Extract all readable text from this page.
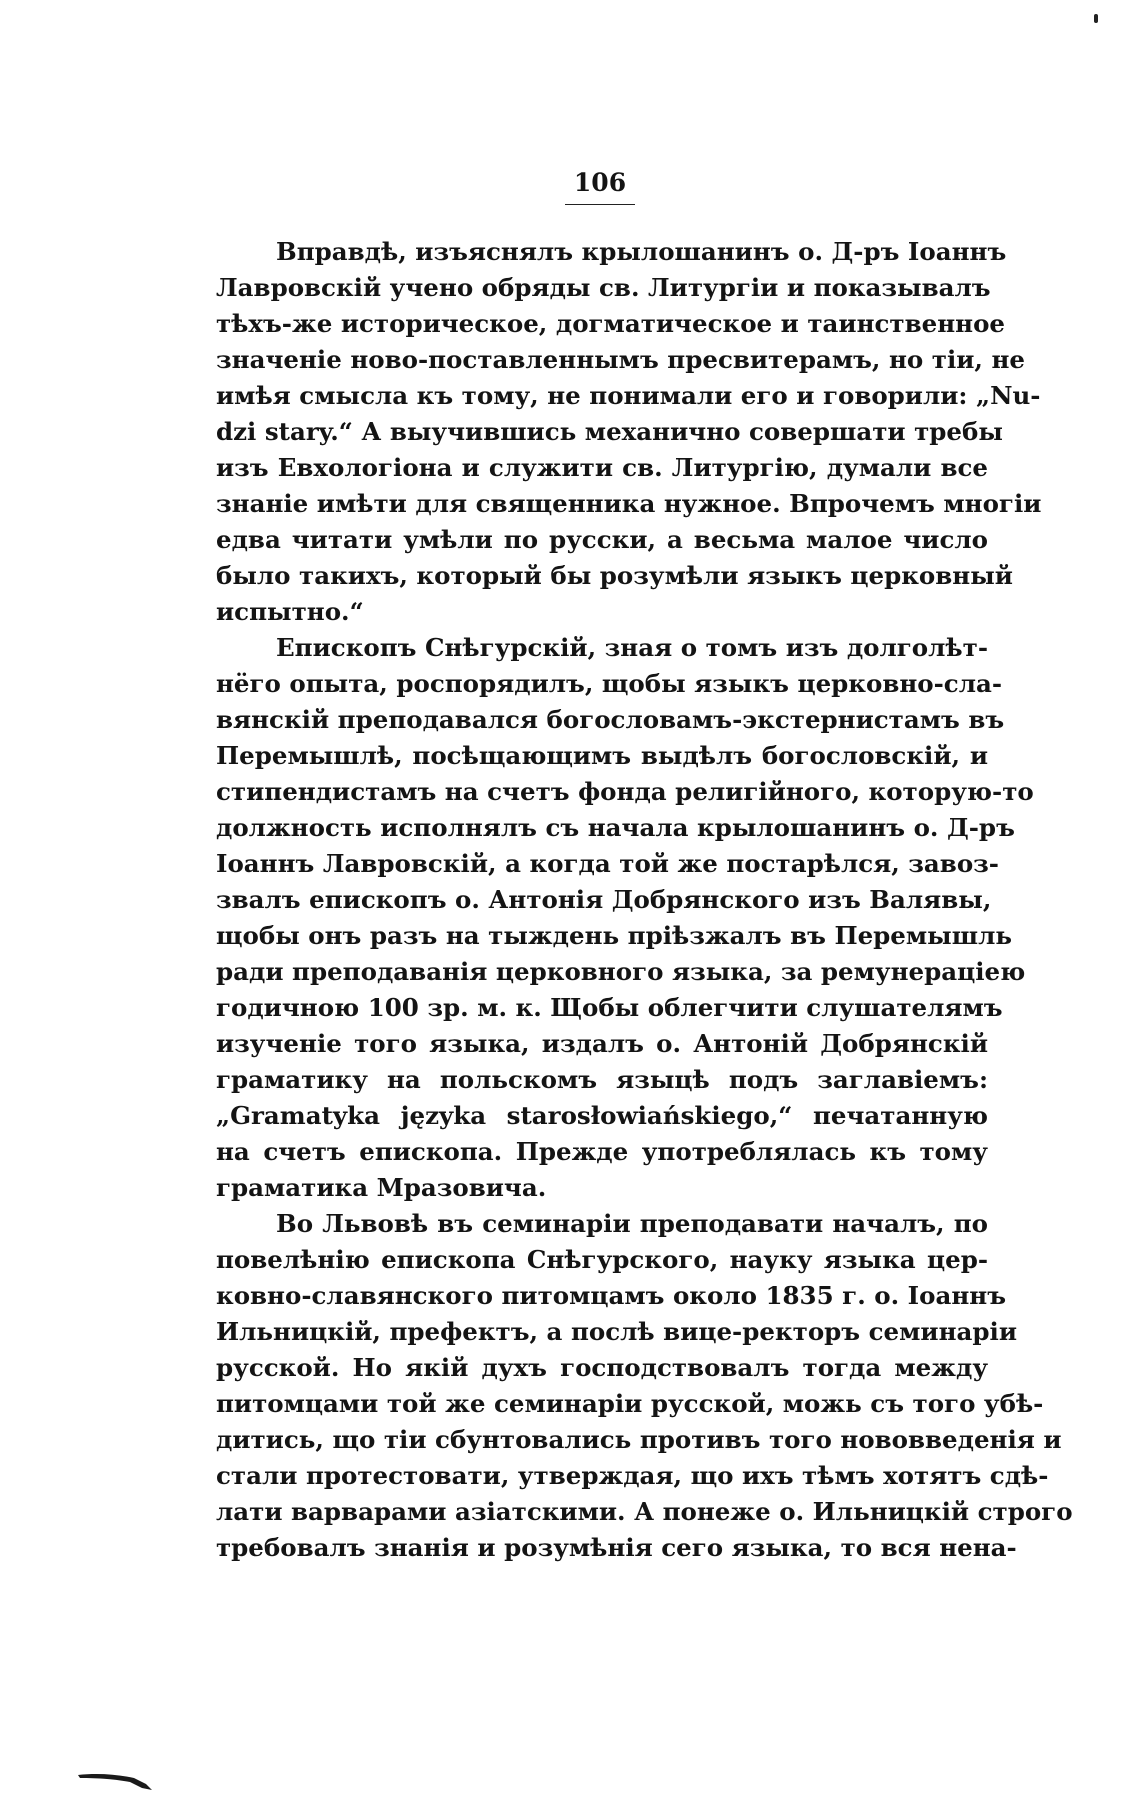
106
Вправдѣ, изъяснялъ крылошанинъ о. Д-ръ Іоаннъ
Лавровскій учено обряды св. Литургіи и показывалъ
тѣхъ-же историческое, догматическое и таинственное
значеніе ново-поставленнымъ пресвитерамъ, но тіи, не
имѣя смысла къ тому, не понимали его и говорили: „Nu-
dzi stary.“ А выучившись механично совершати требы
изъ Евхологіона и служити св. Литургію, думали все
знаніе имѣти для священника нужное. Впрочемъ многіи
едва читати умѣли по русски, а весьма малое число
было такихъ, который бы розумѣли языкъ церковный
испытно.“
Епископъ Снѣгурскій, зная о томъ изъ долголѣт-
нёго опыта, роспорядилъ, щобы языкъ церковно-сла-
вянскій преподавался богословамъ-экстернистамъ въ
Перемышлѣ, посѣщающимъ выдѣлъ богословскій, и
стипендистамъ на счетъ фонда религійного, которую-то
должность исполнялъ съ начала крылошанинъ о. Д-ръ
Іоаннъ Лавровскій, а когда той же постарѣлся, завоз-
звалъ епископъ о. Антонія Добрянского изъ Валявы,
щобы онъ разъ на тыждень пріѣзжалъ въ Перемышль
ради преподаванія церковного языка, за ремунераціею
годичною 100 зр. м. к. Щобы облегчити слушателямъ
изученіе того языка, издалъ о. Антоній Добрянскій
граматику на польскомъ языцѣ подъ заглавіемъ:
„Gramatyka języka starosłowiańskiego,“ печатанную
на счетъ епископа. Прежде употреблялась къ тому
граматика Мразовича.
Во Львовѣ въ семинаріи преподавати началъ, по
повелѣнію епископа Снѣгурского, науку языка цер-
ковно-славянского питомцамъ около 1835 г. о. Іоаннъ
Ильницкій, префектъ, а послѣ вице-ректоръ семинаріи
русской. Но якій духъ господствовалъ тогда между
питомцами той же семинаріи русской, можь съ того убѣ-
дитись, що тіи сбунтовались противъ того нововведенія и
стали протестовати, утверждая, що ихъ тѣмъ хотятъ сдѣ-
лати варварами азіатскими. А понеже о. Ильницкій строго
требовалъ знанія и розумѣнія сего языка, то вся нена-
